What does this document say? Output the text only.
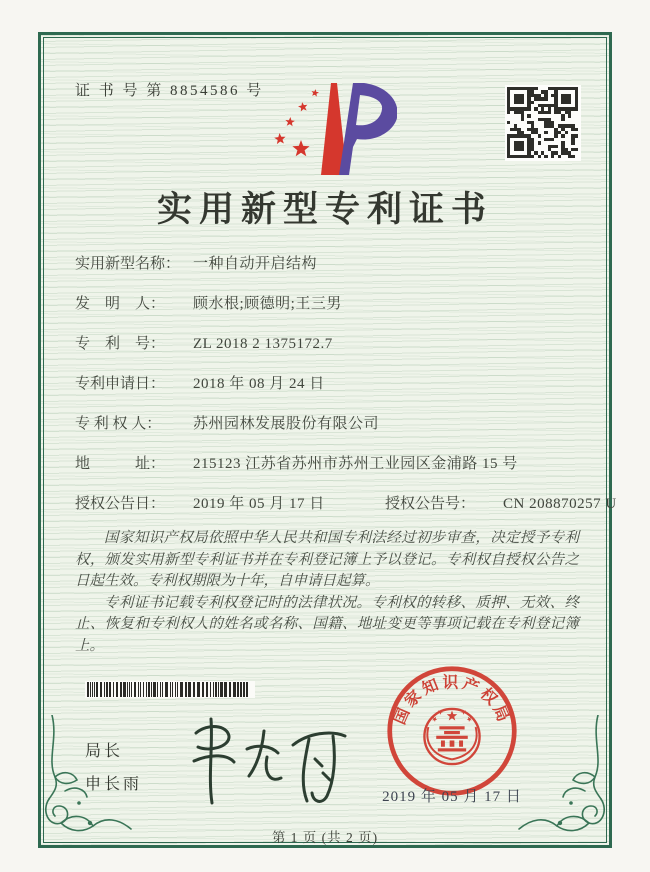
证 书 号 第 8854586 号
实用新型专利证书
实用新型名称： 一种自动开启结构
发　明　人：	顾水根;顾德明;王三男
专　利　号：	ZL 2018 2 1375172.7
专利申请日：	2018 年 08 月 24 日
专 利 权 人：	苏州园林发展股份有限公司
地　　　址：	215123 江苏省苏州市苏州工业园区金浦路 15 号
授权公告日：	2019 年 05 月 17 日	授权公告号：	CN 208870257 U

国家知识产权局依照中华人民共和国专利法经过初步审查，决定授予专利权，颁发实用新型专利证书并在专利登记簿上予以登记。专利权自授权公告之日起生效。专利权期限为十年，自申请日起算。

专利证书记载专利权登记时的法律状况。专利权的转移、质押、无效、终止、恢复和专利权人的姓名或名称、国籍、地址变更等事项记载在专利登记簿上。

局长
申长雨
国家知识产权局
2019 年 05 月 17 日
第 1 页 (共 2 页)
